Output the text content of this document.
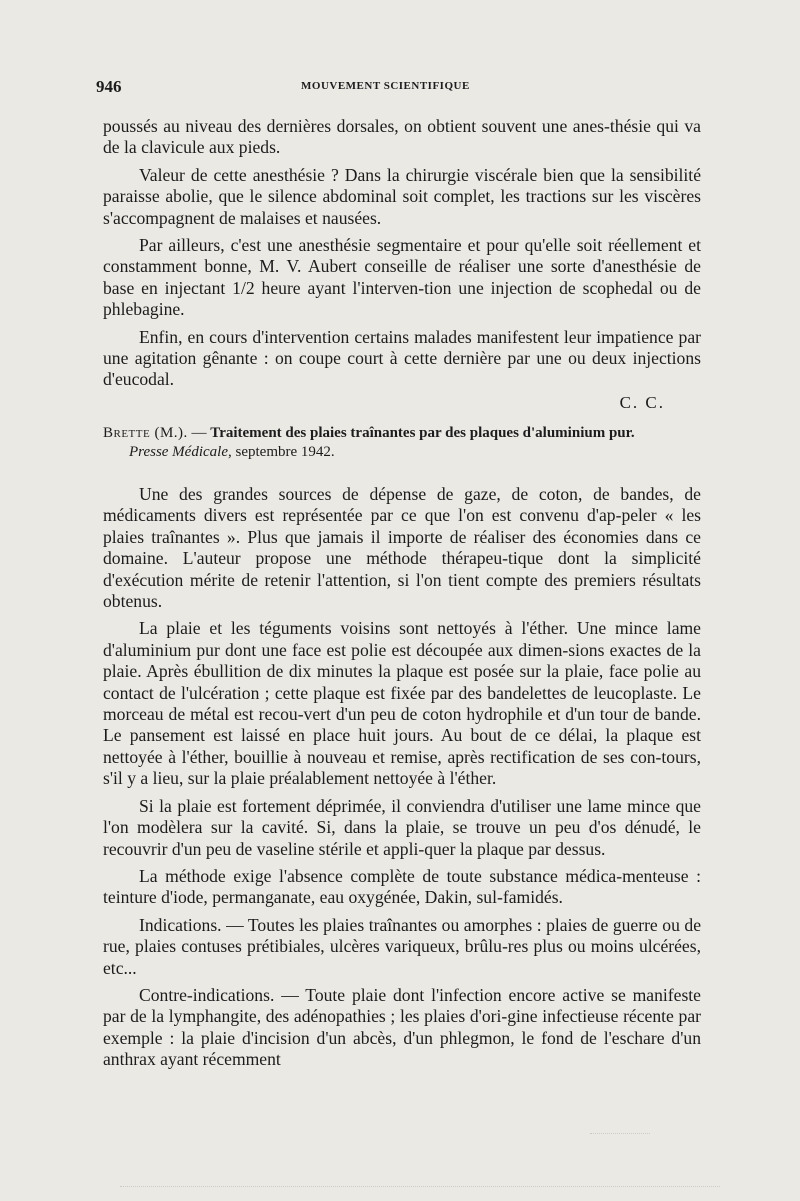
946	MOUVEMENT SCIENTIFIQUE

poussés au niveau des dernières dorsales, on obtient souvent une anes-thésie qui va de la clavicule aux pieds.

Valeur de cette anesthésie ? Dans la chirurgie viscérale bien que la sensibilité paraisse abolie, que le silence abdominal soit complet, les tractions sur les viscères s'accompagnent de malaises et nausées.

Par ailleurs, c'est une anesthésie segmentaire et pour qu'elle soit réellement et constamment bonne, M. V. Aubert conseille de réaliser une sorte d'anesthésie de base en injectant 1/2 heure ayant l'interven-tion une injection de scophedal ou de phlebagine.

Enfin, en cours d'intervention certains malades manifestent leur impatience par une agitation gênante : on coupe court à cette dernière par une ou deux injections d'eucodal.

C. C.
Brette (M.). — Traitement des plaies traînantes par des plaques d'aluminium pur.
Presse Médicale, septembre 1942.

Une des grandes sources de dépense de gaze, de coton, de bandes, de médicaments divers est représentée par ce que l'on est convenu d'ap-peler « les plaies traînantes ». Plus que jamais il importe de réaliser des économies dans ce domaine. L'auteur propose une méthode thérapeu-tique dont la simplicité d'exécution mérite de retenir l'attention, si l'on tient compte des premiers résultats obtenus.

La plaie et les téguments voisins sont nettoyés à l'éther. Une mince lame d'aluminium pur dont une face est polie est découpée aux dimen-sions exactes de la plaie. Après ébullition de dix minutes la plaque est posée sur la plaie, face polie au contact de l'ulcération ; cette plaque est fixée par des bandelettes de leucoplaste. Le morceau de métal est recou-vert d'un peu de coton hydrophile et d'un tour de bande. Le pansement est laissé en place huit jours. Au bout de ce délai, la plaque est nettoyée à l'éther, bouillie à nouveau et remise, après rectification de ses con-tours, s'il y a lieu, sur la plaie préalablement nettoyée à l'éther.

Si la plaie est fortement déprimée, il conviendra d'utiliser une lame mince que l'on modèlera sur la cavité. Si, dans la plaie, se trouve un peu d'os dénudé, le recouvrir d'un peu de vaseline stérile et appli-quer la plaque par dessus.

La méthode exige l'absence complète de toute substance médica-menteuse : teinture d'iode, permanganate, eau oxygénée, Dakin, sul-famidés.

Indications. — Toutes les plaies traînantes ou amorphes : plaies de guerre ou de rue, plaies contuses prétibiales, ulcères variqueux, brûlu-res plus ou moins ulcérées, etc...

Contre-indications. — Toute plaie dont l'infection encore active se manifeste par de la lymphangite, des adénopathies ; les plaies d'ori-gine infectieuse récente par exemple : la plaie d'incision d'un abcès, d'un phlegmon, le fond de l'eschare d'un anthrax ayant récemment
